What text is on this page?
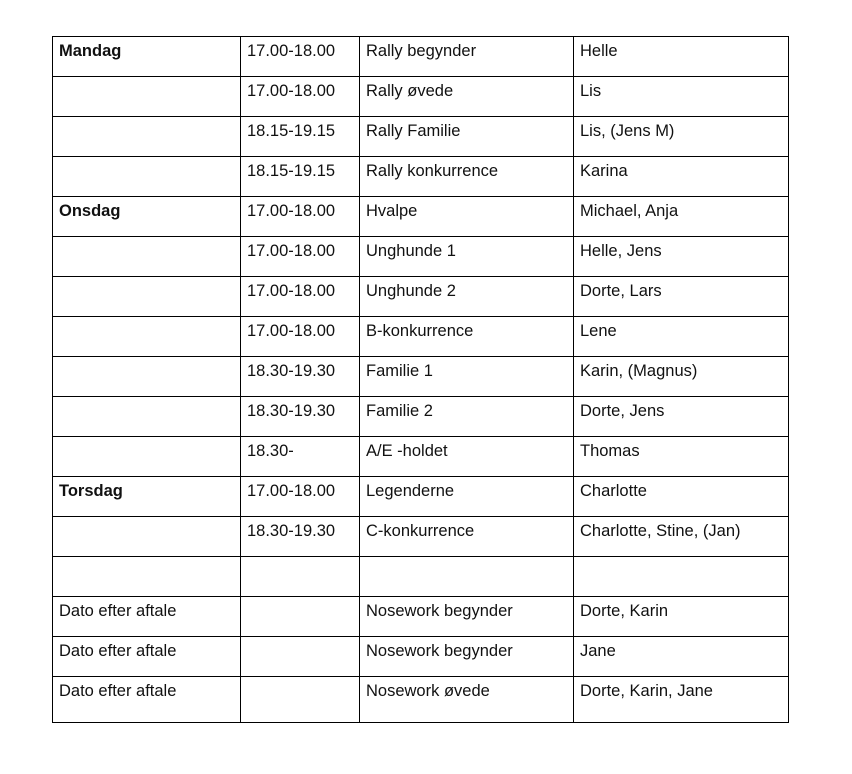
Mandag	17.00-18.00	Rally begynder	Helle
	17.00-18.00	Rally øvede	Lis
	18.15-19.15	Rally Familie	Lis, (Jens M)
	18.15-19.15	Rally konkurrence	Karina
Onsdag	17.00-18.00	Hvalpe	Michael, Anja
	17.00-18.00	Unghunde 1	Helle, Jens
	17.00-18.00	Unghunde 2	Dorte, Lars
	17.00-18.00	B-konkurrence	Lene
	18.30-19.30	Familie 1	Karin, (Magnus)
	18.30-19.30	Familie 2	Dorte, Jens
	18.30-	A/E -holdet	Thomas
Torsdag	17.00-18.00	Legenderne	Charlotte
	18.30-19.30	C-konkurrence	Charlotte, Stine, (Jan)

Dato efter aftale		Nosework begynder	Dorte, Karin
Dato efter aftale		Nosework begynder	Jane
Dato efter aftale		Nosework øvede	Dorte, Karin, Jane
